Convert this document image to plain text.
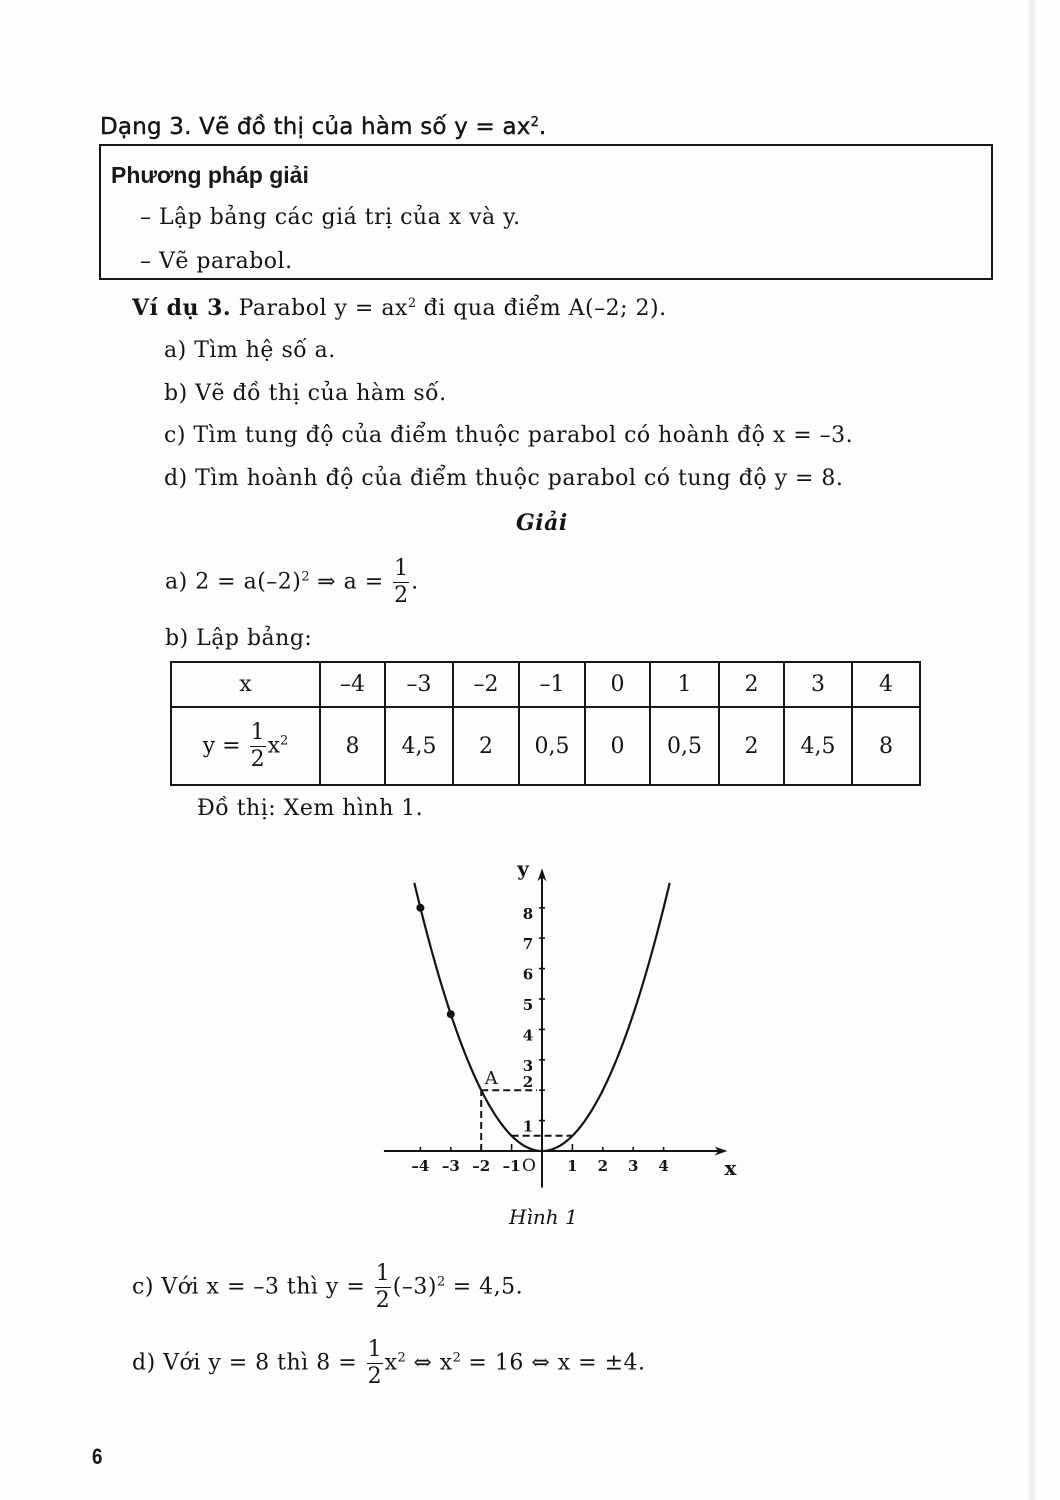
Dạng 3. Vẽ đồ thị của hàm số $y = ax^2$.
Phương pháp giải
– Lập bảng các giá trị của x và y.
– Vẽ parabol.
Ví dụ 3. Parabol $y = ax^2$ đi qua điểm A(–2; 2).
a) Tìm hệ số a.
b) Vẽ đồ thị của hàm số.
c) Tìm tung độ của điểm thuộc parabol có hoành độ x = –3.
d) Tìm hoành độ của điểm thuộc parabol có tung độ y = 8.
Giải
a) $2 = a(-2)^2$ ⇒ $a = \frac{1}{2}$ .
b) Lập bảng:
x	–4	–3	–2	–1	0	1	2	3	4
$y = \frac{1}{2} x^2$	8	4,5	2	0,5	0	0,5	2	4,5	8
Đồ thị: Xem hình 1.
–4 –3 –2 –1	1 2 3 4
1
2
3
4
5
6
7
8
O	x
y
A
Hình 1
c) Với x = –3 thì $y = \frac{1}{2} (-3)^2 = 4,5$.
d) Với y = 8 thì $8 = \frac{1}{2} x^2$ ⇔ $x^2 = 16$ ⇔ x = ±4.
6
